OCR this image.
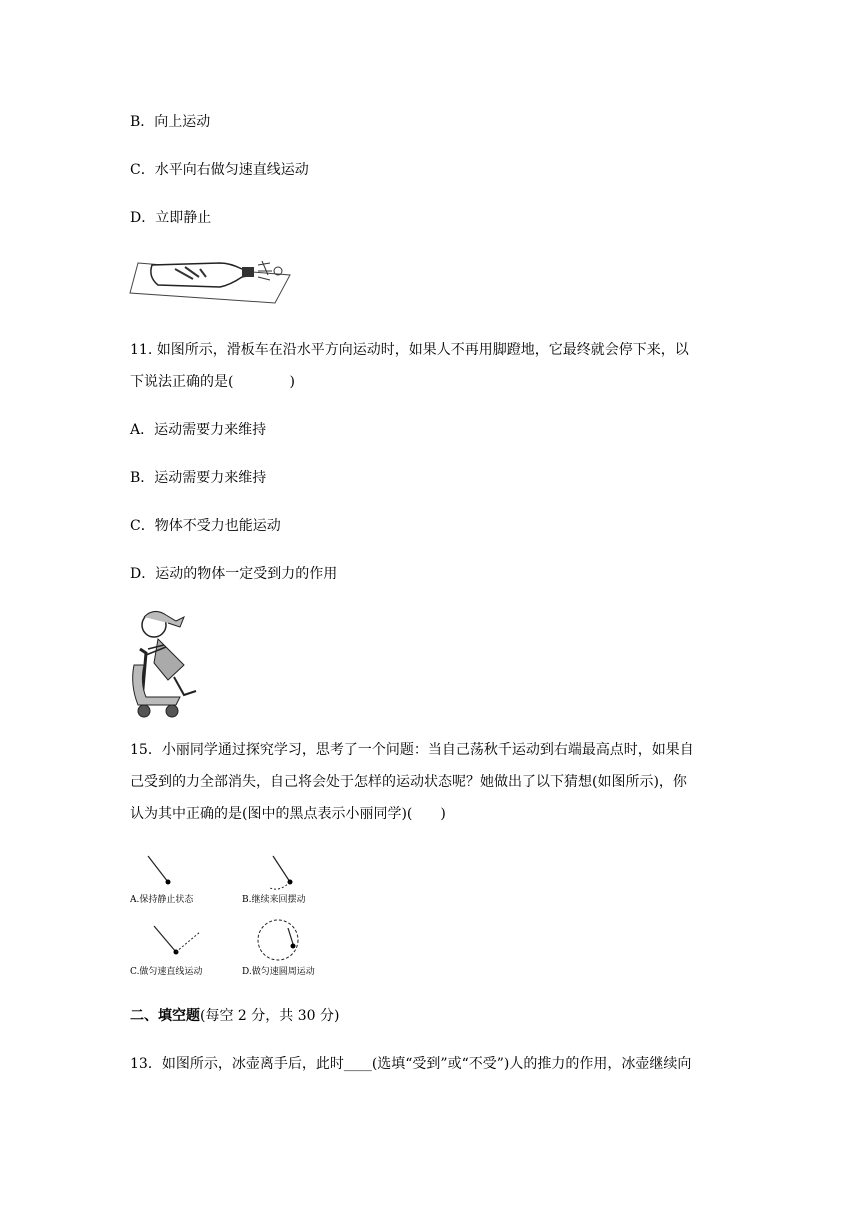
B．向上运动
C．水平向右做匀速直线运动
D．立即静止
11. 如图所示，滑板车在沿水平方向运动时，如果人不再用脚蹬地，它最终就会停下来，以
下说法正确的是(　　　　)
A．运动需要力来维持
B．运动需要力来维持
C．物体不受力也能运动
D．运动的物体一定受到力的作用
15．小丽同学通过探究学习，思考了一个问题：当自己荡秋千运动到右端最高点时，如果自
己受到的力全部消失，自己将会处于怎样的运动状态呢？她做出了以下猜想(如图所示)，你
认为其中正确的是(图中的黑点表示小丽同学)(　　)
A.保持静止状态	B.继续来回摆动
C.做匀速直线运动	D.做匀速圆周运动
二、填空题(每空 2 分，共 30 分)
13．如图所示，冰壶离手后，此时____(选填“受到”或“不受”)人的推力的作用，冰壶继续向
